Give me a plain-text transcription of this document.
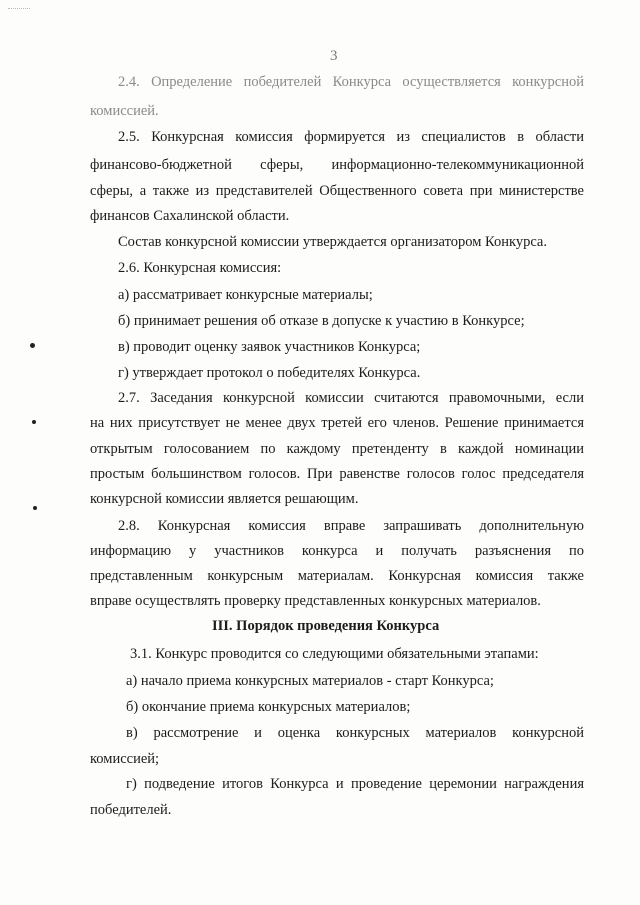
3
2.4. Определение победителей Конкурса осуществляется конкурсной
комиссией.
2.5. Конкурсная комиссия формируется из специалистов в области
финансово-бюджетной сферы, информационно-телекоммуникационной
сферы, а также из представителей Общественного совета при министерстве
финансов Сахалинской области.
Состав конкурсной комиссии утверждается организатором Конкурса.
2.6. Конкурсная комиссия:
а) рассматривает конкурсные материалы;
б) принимает решения об отказе в допуске к участию в Конкурсе;
в) проводит оценку заявок участников Конкурса;
г) утверждает протокол о победителях Конкурса.
2.7. Заседания конкурсной комиссии считаются правомочными, если
на них присутствует не менее двух третей его членов. Решение принимается
открытым голосованием по каждому претенденту в каждой номинации
простым большинством голосов. При равенстве голосов голос председателя
конкурсной комиссии является решающим.
2.8. Конкурсная комиссия вправе запрашивать дополнительную
информацию у участников конкурса и получать разъяснения по
представленным конкурсным материалам. Конкурсная комиссия также
вправе осуществлять проверку представленных конкурсных материалов.
III. Порядок проведения Конкурса
3.1. Конкурс проводится со следующими обязательными этапами:
а) начало приема конкурсных материалов - старт Конкурса;
б) окончание приема конкурсных материалов;
в) рассмотрение и оценка конкурсных материалов конкурсной
комиссией;
г) подведение итогов Конкурса и проведение церемонии награждения
победителей.
